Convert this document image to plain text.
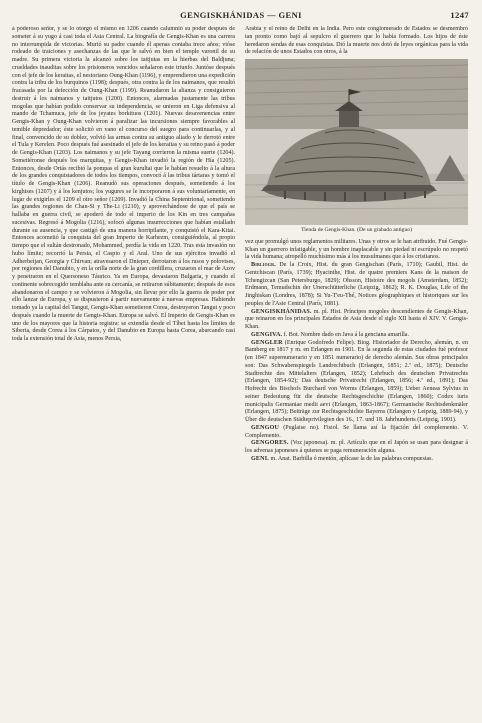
GENGISKHÁNIDAS — GENI	1247

á poderoso señor, y se lo otorgó el mismo en 1206 cuando calumnió su poder después de someter á su yugo á casi toda el Asia Central. La biografía de Gengis-Khan es una carrera no interrumpida de victorias. Murió su padre cuando él apenas contaba trece años; vióse rodeado de traiciones y asechanzas de las que le salvó en bien el temple varonil de su madre. Su primera victoria la alcanzó sobre los taitjutas en la hierbas del Baldjuna; crueldades inauditas sobre los prisioneros vencidos señalaron este triunfo. Juntóse después con el jefe de los keraitas, el nestoriano Oung-Khan (1196), y emprendieron una expedición contra la tribu de los burquinos (1198); después, otra contra la de los naimanos, que resultó fracasada por la defección de Oung-Khan (1199). Reanudaron la alianza y consiguieron destruir á los naimanos y taitjutos (1200). Entonces, alarmadas justamente las tribus mogolas que habían podido conservar su independencia, se unieron en Liga defensiva al mando de Tchamuca, jefe de los jeyates borkituos (1201). Nuevas desavenencias entre Gengis-Khan y Oung-Khan volvieron á paralizar las incursiones siempre favorables al temible depredador; éste solicitó en vano el concurso del suegro para continuarlas, y al final, convencido de su doblez, volvió las armas contra su antiguo aliado y le derrotó entre el Tula y Kerelen. Poco después fué asesinado el jefe de los keraitas y su reino pasó á poder de Gengis-Khan (1203). Los naimanos y su jefe Tayang corrieron la misma suerte (1204). Sometiéronse después los marquitas, y Gengis-Khan invadió la región de Hía (1205). Entonces, desde Ortás recibió la pompas el gran kurultai que le habían resuelto á la altura de los grandes conquistadores de todos los tiempos, convocó á las tribus tártaras y tomó el título de Gengis-Khan (1206). Reanudó sus operaciones después, sometiendo á los kirghises (1207) y á los kenjutos; los yugures se le incorporaron á sus voluntariamente, en lugar de exigirles el 1209 el otro señor (1209). Invadió la China Septentrional, sometiendo las grandes regiones de Chan-Si y The-Li (1210), y aprovechándose de que el país se hallaba en guerra civil, se apoderó de todo el imperio de los Kin en tres campañas sucesivas. Regresó á Mogolia (1216), sofocó algunas insurrecciones que habían estallado durante su ausencia, y que castigó de una manera horripilante, y conquistó el Kara-Kitai. Entonces acometió la conquista del gran Imperio de Karhezm, consiguiéndola, al propio tiempo que el sultán destronado, Mohammed, perdía la vida en 1220. Tras esta invasión no hubo límite; recorrió la Persia, el Caspio y el Aral. Uno de sus ejércitos invadió el Adherbeijan, Georgia y Chirvan; atravesaron el Dnieper, derrotaron á los rusos y polovtses, por regiones del Danubio, y en la orilla norte de la gran cordillera, cruzaron el mar de Azov y penetraron en el Quersoneso Táurico. Ya en Europa, devastaron Bulgaria, y cuando el continente sobrecogido temblaba ante su cercanía, se retiraron súbitamente; después de esos abandonaron el campo y se volvieron á Mogolia, sin llevar por ello la guerra de poder por ello lanzar de Europa, y se dispusieron á partir nuevamente á nuevas empresas. Habiendo tomado ya la capital del Tangut, Gengis-Khan sometieron Corea, destruyeron Tangut y poco después cuando la muerte de Gengis-Khan. Europa se salvó. El Imperio de Gengis-Khan es uno de los mayores que la historia registra: se extendía desde el Tíbet hasta los límites de Siberia, desde Corea á los Cárpatos, y del Danubio en Europa hasta Corea, abarcando casi toda la extensión total de Asia, menos Persia,

Arabia y el reino de Delhi en la India. Pero este conglomerado de Estados se desmembró tan pronto como bajó al sepulcro el guerrero que lo había formado. Los hijos de éste heredaron sendas de esas conquistas. Dió la muerte nos dotó de leyes orgánicas para la vida de relación de unos Estados con otros, á la

Tienda de Gengis-Khan. (De un grabado antiguo)

vez que promulgó unos reglamentos militares. Unas y otros se le han atribuido. Fué Gengis-Khan un guerrero infatigable, y un hombre inaplacable y sin piedad ni escrúpulo no respetó la vida humana; atropelló muchísimo más á los musulmanes que á los cristianos.

Bibliogr. De la Croix, Hist. du gran Gengischan (París, 1710); Gaubil, Hist. de Gentchiscan (París, 1739); Hyacinthe, Hist. de quatre premiers Kans de la maison de Tchengizcan (San Petersburgo, 1829); Ohsson, Histoire des mogols (Amsterdam, 1852); Erdmann, Temudschin der Unerschütterliche (Leipzig, 1862); R. K. Douglas, Life of the Jinghiskan (Londres, 1878); Si Yu-T'eu-Thé, Notices géographiques et historiques sur les peuples de l'Asie Central (París, 1881).

GENGISKHÁNIDAS. m. pl. Hist. Príncipes mogoles descendientes de Gengis-Khan, que reinaron en los principales Estados de Asia desde el siglo XII hasta el XIV. V. Gengis-Khan.

GENGIVA. f. Bot. Nombre dado en Java á la genciana amarilla.

GENGLER (Enrique Godofredo Felipe). Biog. Historiador de Derecho, alemán, n. en Bamberg en 1817 y m. en Erlangen en 1901. En la segunda de estas ciudades fué profesor (en 1847 supernumerario y en 1851 numerario) de derecho alemán. Sus obras principales son: Das Schwabenspiegels Landrechtbuch (Erlangen, 1851; 2.ª ed., 1875); Deutsche Stadtrechte des Mittelalters (Erlangen, 1852); Lehrbuch des deutschen Privatrechts (Erlangen, 1854-92); Das deutsche Privatrecht (Erlangen, 1856; 4.ª ed., 1891); Das Hofrecht des Bischofs Burchard von Worms (Erlangen, 1859); Ueber Aeneas Sylvius in seiner Bedeutung für die deutsche Rechtsgeschichte (Erlangen, 1860); Codex iuris municipalis Germaniae medii aevi (Erlangen, 1863-1867); Germanische Rechtsdenkmäler (Erlangen, 1875); Beiträge zur Rechtsgeschichte Bayerns (Erlangen y Leipzig, 1889-94), y Über die deutschen Städteprivilegien des 16., 17. und 18. Jahrhunderts (Leipzig, 1901).

GENGOU (Puglaise no). Fisiol. Se llama así la fijación del complemento. V. Complemento.

GENGORES. (Voz japonesa). m. pl. Artículo que en el Japón se usan para designar á los advenas japoneses á quienes se paga remuneración alguna.

GENI. m. Anat. Barbilla ó mentón, aplícase la de las palabras compuestas.
